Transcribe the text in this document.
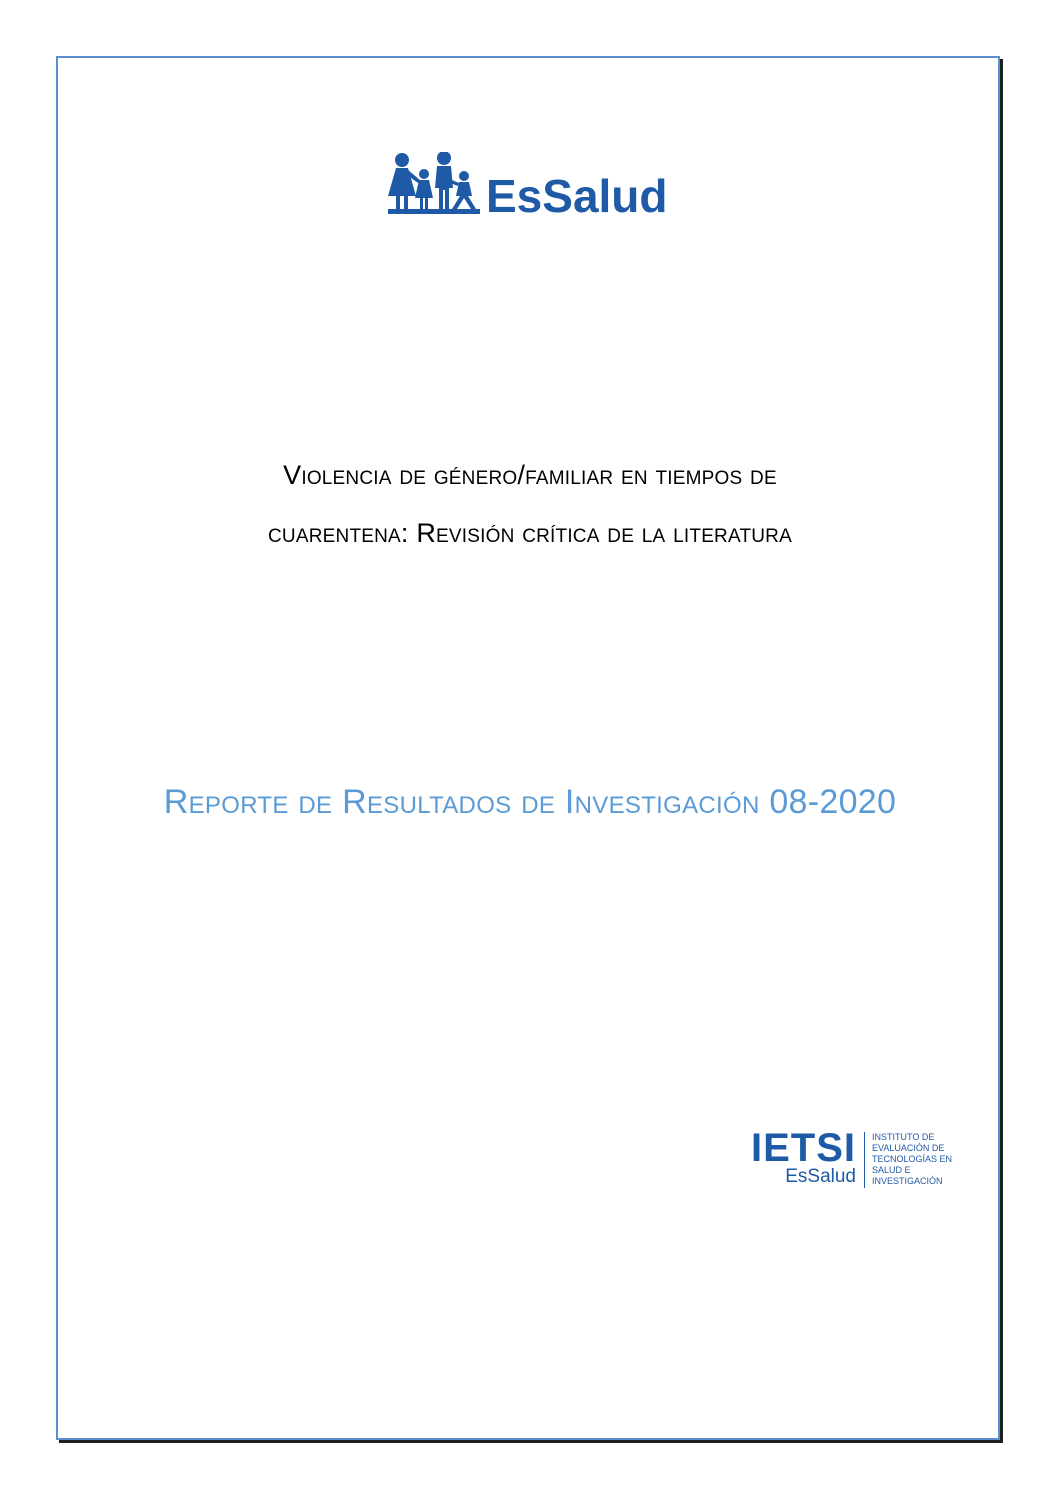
EsSalud
Violencia de género/familiar en tiempos de
cuarentena: Revisión crítica de la literatura
Reporte de Resultados de Investigación 08-2020
IETSI
EsSalud
INSTITUTO DE
EVALUACIÓN DE
TECNOLOGÍAS EN
SALUD E
INVESTIGACIÓN
